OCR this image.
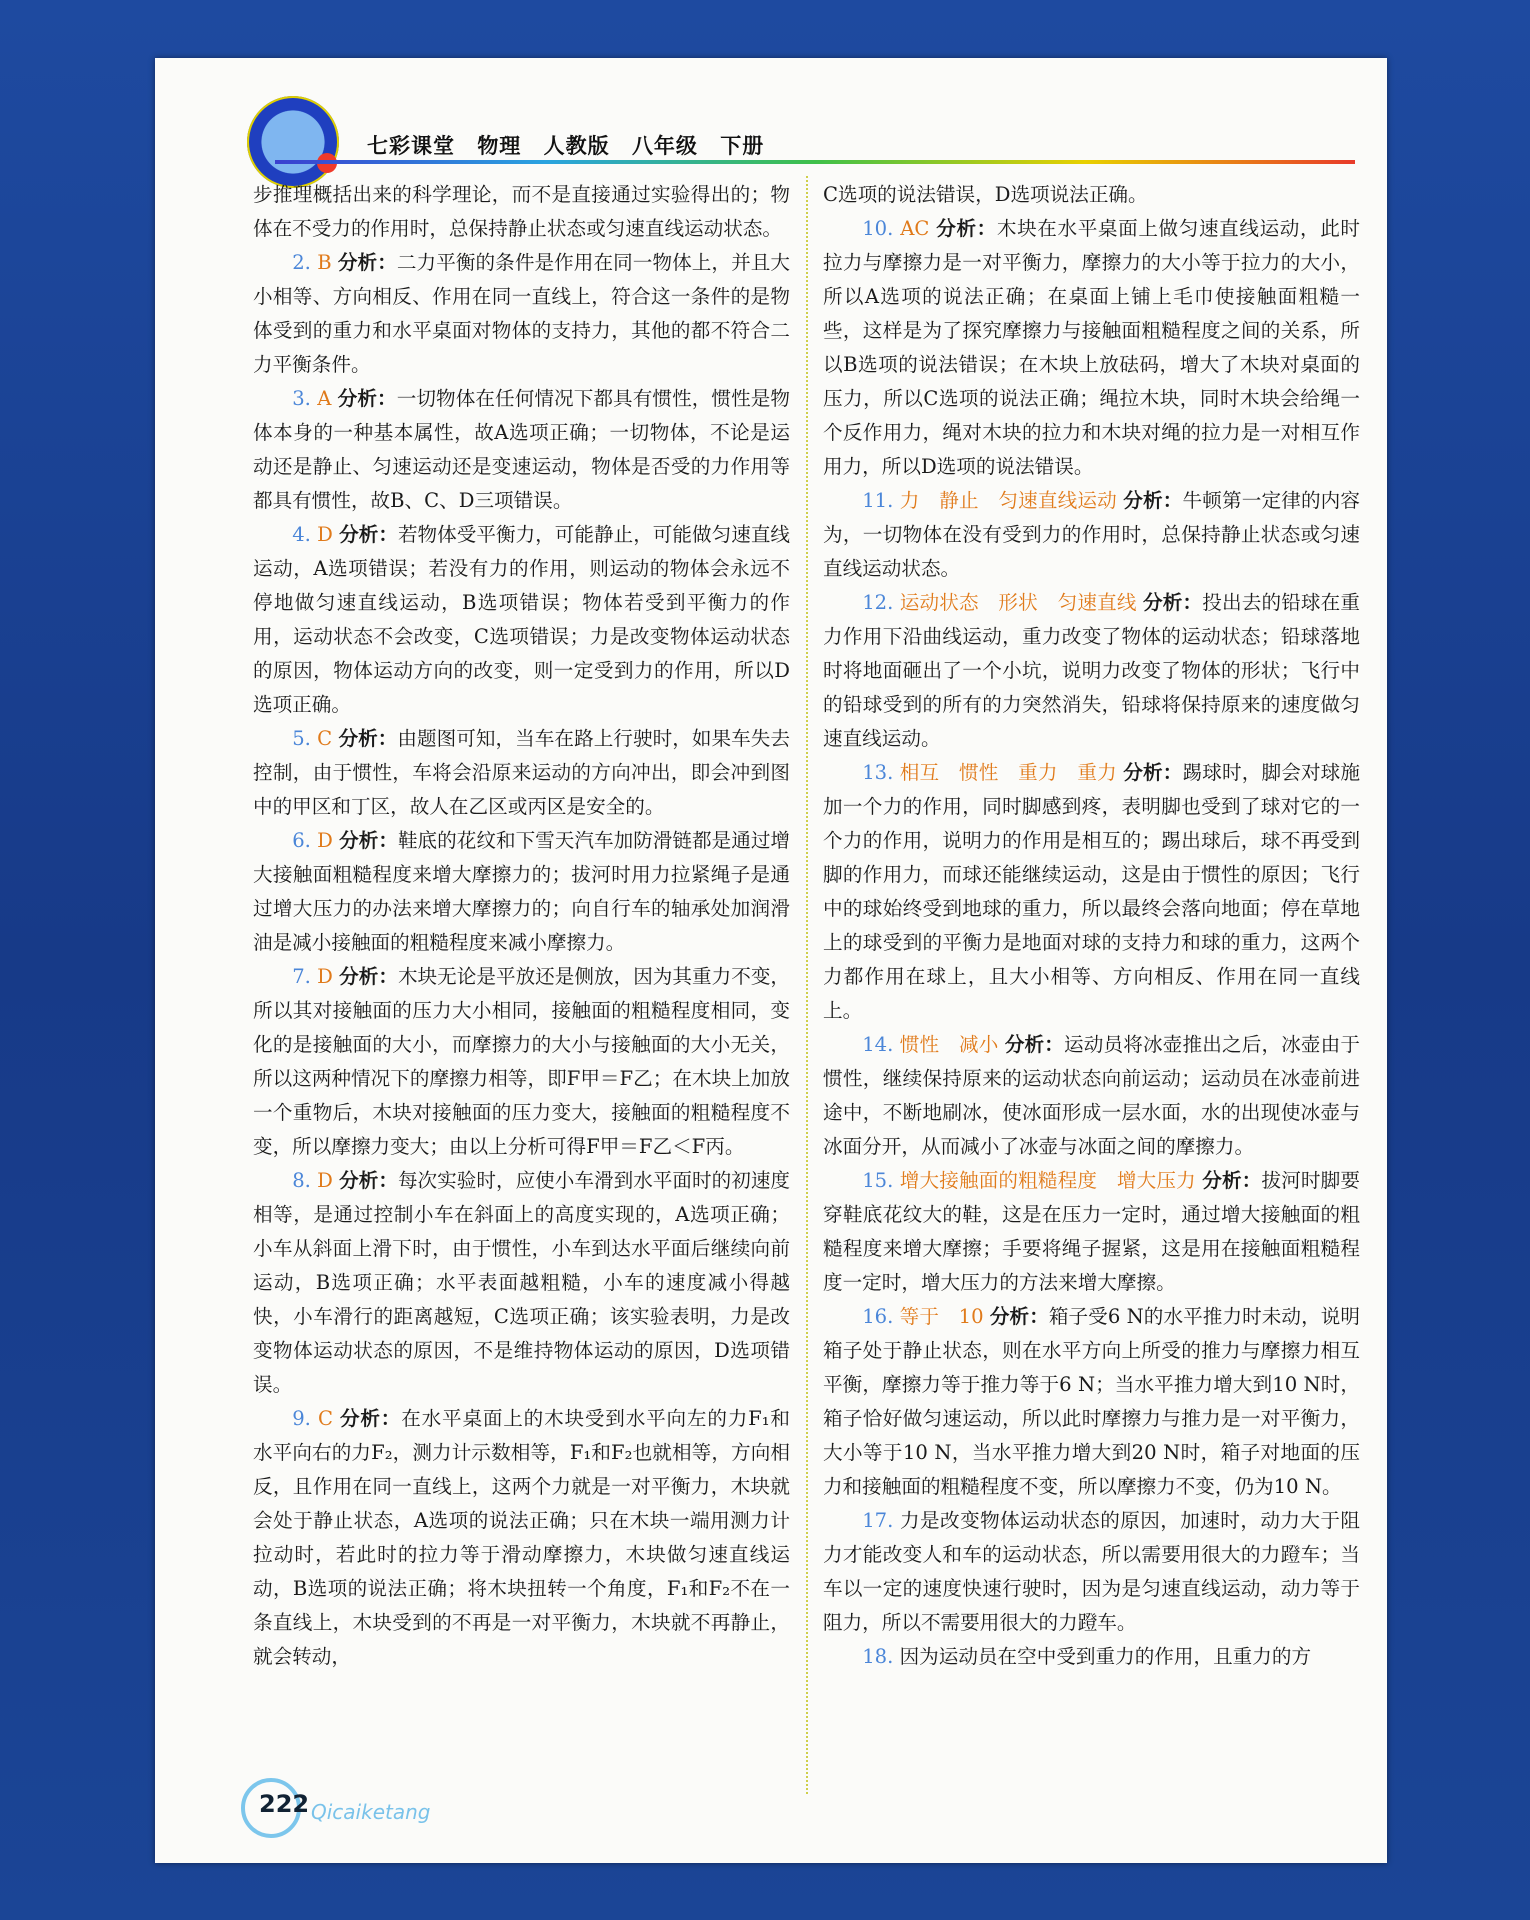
七彩课堂 物理 人教版 八年级 下册

步推理概括出来的科学理论，而不是直接通过实验得出的；物体在不受力的作用时，总保持静止状态或匀速直线运动状态。

2. B 分析：二力平衡的条件是作用在同一物体上，并且大小相等、方向相反、作用在同一直线上，符合这一条件的是物体受到的重力和水平桌面对物体的支持力，其他的都不符合二力平衡条件。

3. A 分析：一切物体在任何情况下都具有惯性，惯性是物体本身的一种基本属性，故A选项正确；一切物体，不论是运动还是静止、匀速运动还是变速运动，物体是否受的力作用等都具有惯性，故B、C、D三项错误。

4. D 分析：若物体受平衡力，可能静止，可能做匀速直线运动，A选项错误；若没有力的作用，则运动的物体会永远不停地做匀速直线运动，B选项错误；物体若受到平衡力的作用，运动状态不会改变，C选项错误；力是改变物体运动状态的原因，物体运动方向的改变，则一定受到力的作用，所以D选项正确。

5. C 分析：由题图可知，当车在路上行驶时，如果车失去控制，由于惯性，车将会沿原来运动的方向冲出，即会冲到图中的甲区和丁区，故人在乙区或丙区是安全的。

6. D 分析：鞋底的花纹和下雪天汽车加防滑链都是通过增大接触面粗糙程度来增大摩擦力的；拔河时用力拉紧绳子是通过增大压力的办法来增大摩擦力的；向自行车的轴承处加润滑油是减小接触面的粗糙程度来减小摩擦力。

7. D 分析：木块无论是平放还是侧放，因为其重力不变，所以其对接触面的压力大小相同，接触面的粗糙程度相同，变化的是接触面的大小，而摩擦力的大小与接触面的大小无关，所以这两种情况下的摩擦力相等，即F甲＝F乙；在木块上加放一个重物后，木块对接触面的压力变大，接触面的粗糙程度不变，所以摩擦力变大；由以上分析可得F甲＝F乙＜F丙。

8. D 分析：每次实验时，应使小车滑到水平面时的初速度相等，是通过控制小车在斜面上的高度实现的，A选项正确；小车从斜面上滑下时，由于惯性，小车到达水平面后继续向前运动，B选项正确；水平表面越粗糙，小车的速度减小得越快，小车滑行的距离越短，C选项正确；该实验表明，力是改变物体运动状态的原因，不是维持物体运动的原因，D选项错误。

9. C 分析：在水平桌面上的木块受到水平向左的力F₁和水平向右的力F₂，测力计示数相等，F₁和F₂也就相等，方向相反，且作用在同一直线上，这两个力就是一对平衡力，木块就会处于静止状态，A选项的说法正确；只在木块一端用测力计拉动时，若此时的拉力等于滑动摩擦力，木块做匀速直线运动，B选项的说法正确；将木块扭转一个角度，F₁和F₂不在一条直线上，木块受到的不再是一对平衡力，木块就不再静止，就会转动，

C选项的说法错误，D选项说法正确。

10. AC 分析：木块在水平桌面上做匀速直线运动，此时拉力与摩擦力是一对平衡力，摩擦力的大小等于拉力的大小，所以A选项的说法正确；在桌面上铺上毛巾使接触面粗糙一些，这样是为了探究摩擦力与接触面粗糙程度之间的关系，所以B选项的说法错误；在木块上放砝码，增大了木块对桌面的压力，所以C选项的说法正确；绳拉木块，同时木块会给绳一个反作用力，绳对木块的拉力和木块对绳的拉力是一对相互作用力，所以D选项的说法错误。

11. 力　静止　匀速直线运动 分析：牛顿第一定律的内容为，一切物体在没有受到力的作用时，总保持静止状态或匀速直线运动状态。

12. 运动状态　形状　匀速直线 分析：投出去的铅球在重力作用下沿曲线运动，重力改变了物体的运动状态；铅球落地时将地面砸出了一个小坑，说明力改变了物体的形状；飞行中的铅球受到的所有的力突然消失，铅球将保持原来的速度做匀速直线运动。

13. 相互　惯性　重力　重力 分析：踢球时，脚会对球施加一个力的作用，同时脚感到疼，表明脚也受到了球对它的一个力的作用，说明力的作用是相互的；踢出球后，球不再受到脚的作用力，而球还能继续运动，这是由于惯性的原因；飞行中的球始终受到地球的重力，所以最终会落向地面；停在草地上的球受到的平衡力是地面对球的支持力和球的重力，这两个力都作用在球上，且大小相等、方向相反、作用在同一直线上。

14. 惯性　减小 分析：运动员将冰壶推出之后，冰壶由于惯性，继续保持原来的运动状态向前运动；运动员在冰壶前进途中，不断地刷冰，使冰面形成一层水面，水的出现使冰壶与冰面分开，从而减小了冰壶与冰面之间的摩擦力。

15. 增大接触面的粗糙程度　增大压力 分析：拔河时脚要穿鞋底花纹大的鞋，这是在压力一定时，通过增大接触面的粗糙程度来增大摩擦；手要将绳子握紧，这是用在接触面粗糙程度一定时，增大压力的方法来增大摩擦。

16. 等于　10 分析：箱子受6 N的水平推力时未动，说明箱子处于静止状态，则在水平方向上所受的推力与摩擦力相互平衡，摩擦力等于推力等于6 N；当水平推力增大到10 N时，箱子恰好做匀速运动，所以此时摩擦力与推力是一对平衡力，大小等于10 N，当水平推力增大到20 N时，箱子对地面的压力和接触面的粗糙程度不变，所以摩擦力不变，仍为10 N。

17. 力是改变物体运动状态的原因，加速时，动力大于阻力才能改变人和车的运动状态，所以需要用很大的力蹬车；当车以一定的速度快速行驶时，因为是匀速直线运动，动力等于阻力，所以不需要用很大的力蹬车。

18. 因为运动员在空中受到重力的作用，且重力的方

222 Qicaiketang
